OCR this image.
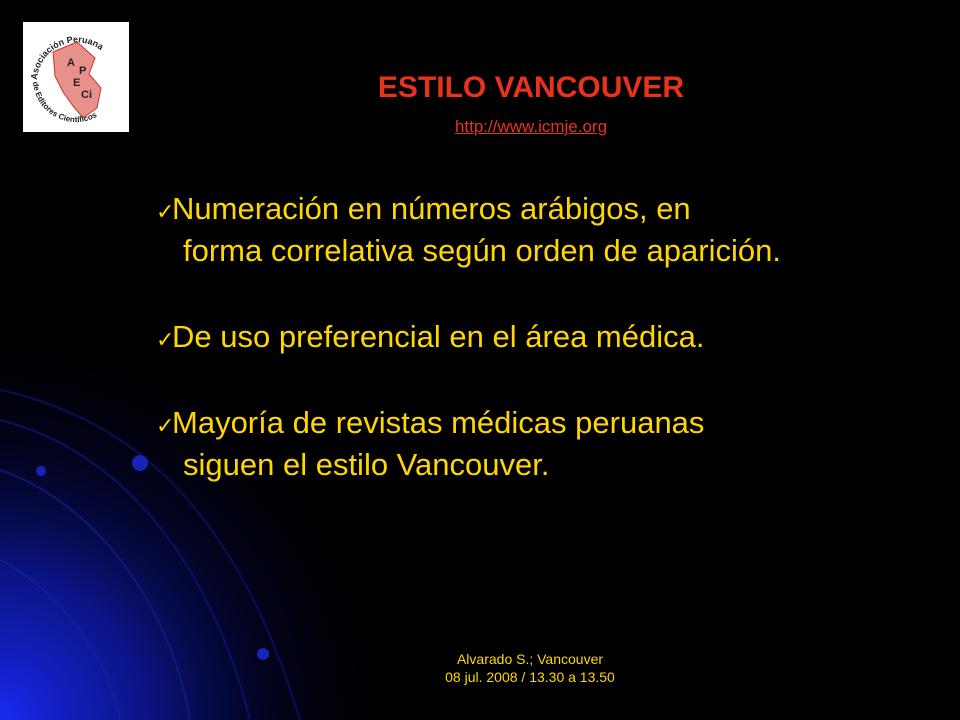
Asociación Peruana
de Editores Científicos
A
P
E
Ci	ESTILO VANCOUVER
http://www.icmje.org
✓
Numeración en números arábigos, en
forma correlativa según orden de aparición.
✓
De uso preferencial en el área médica.
✓
Mayoría de revistas médicas peruanas
siguen el estilo Vancouver.
Alvarado S.; Vancouver
08 jul. 2008 / 13.30 a 13.50
